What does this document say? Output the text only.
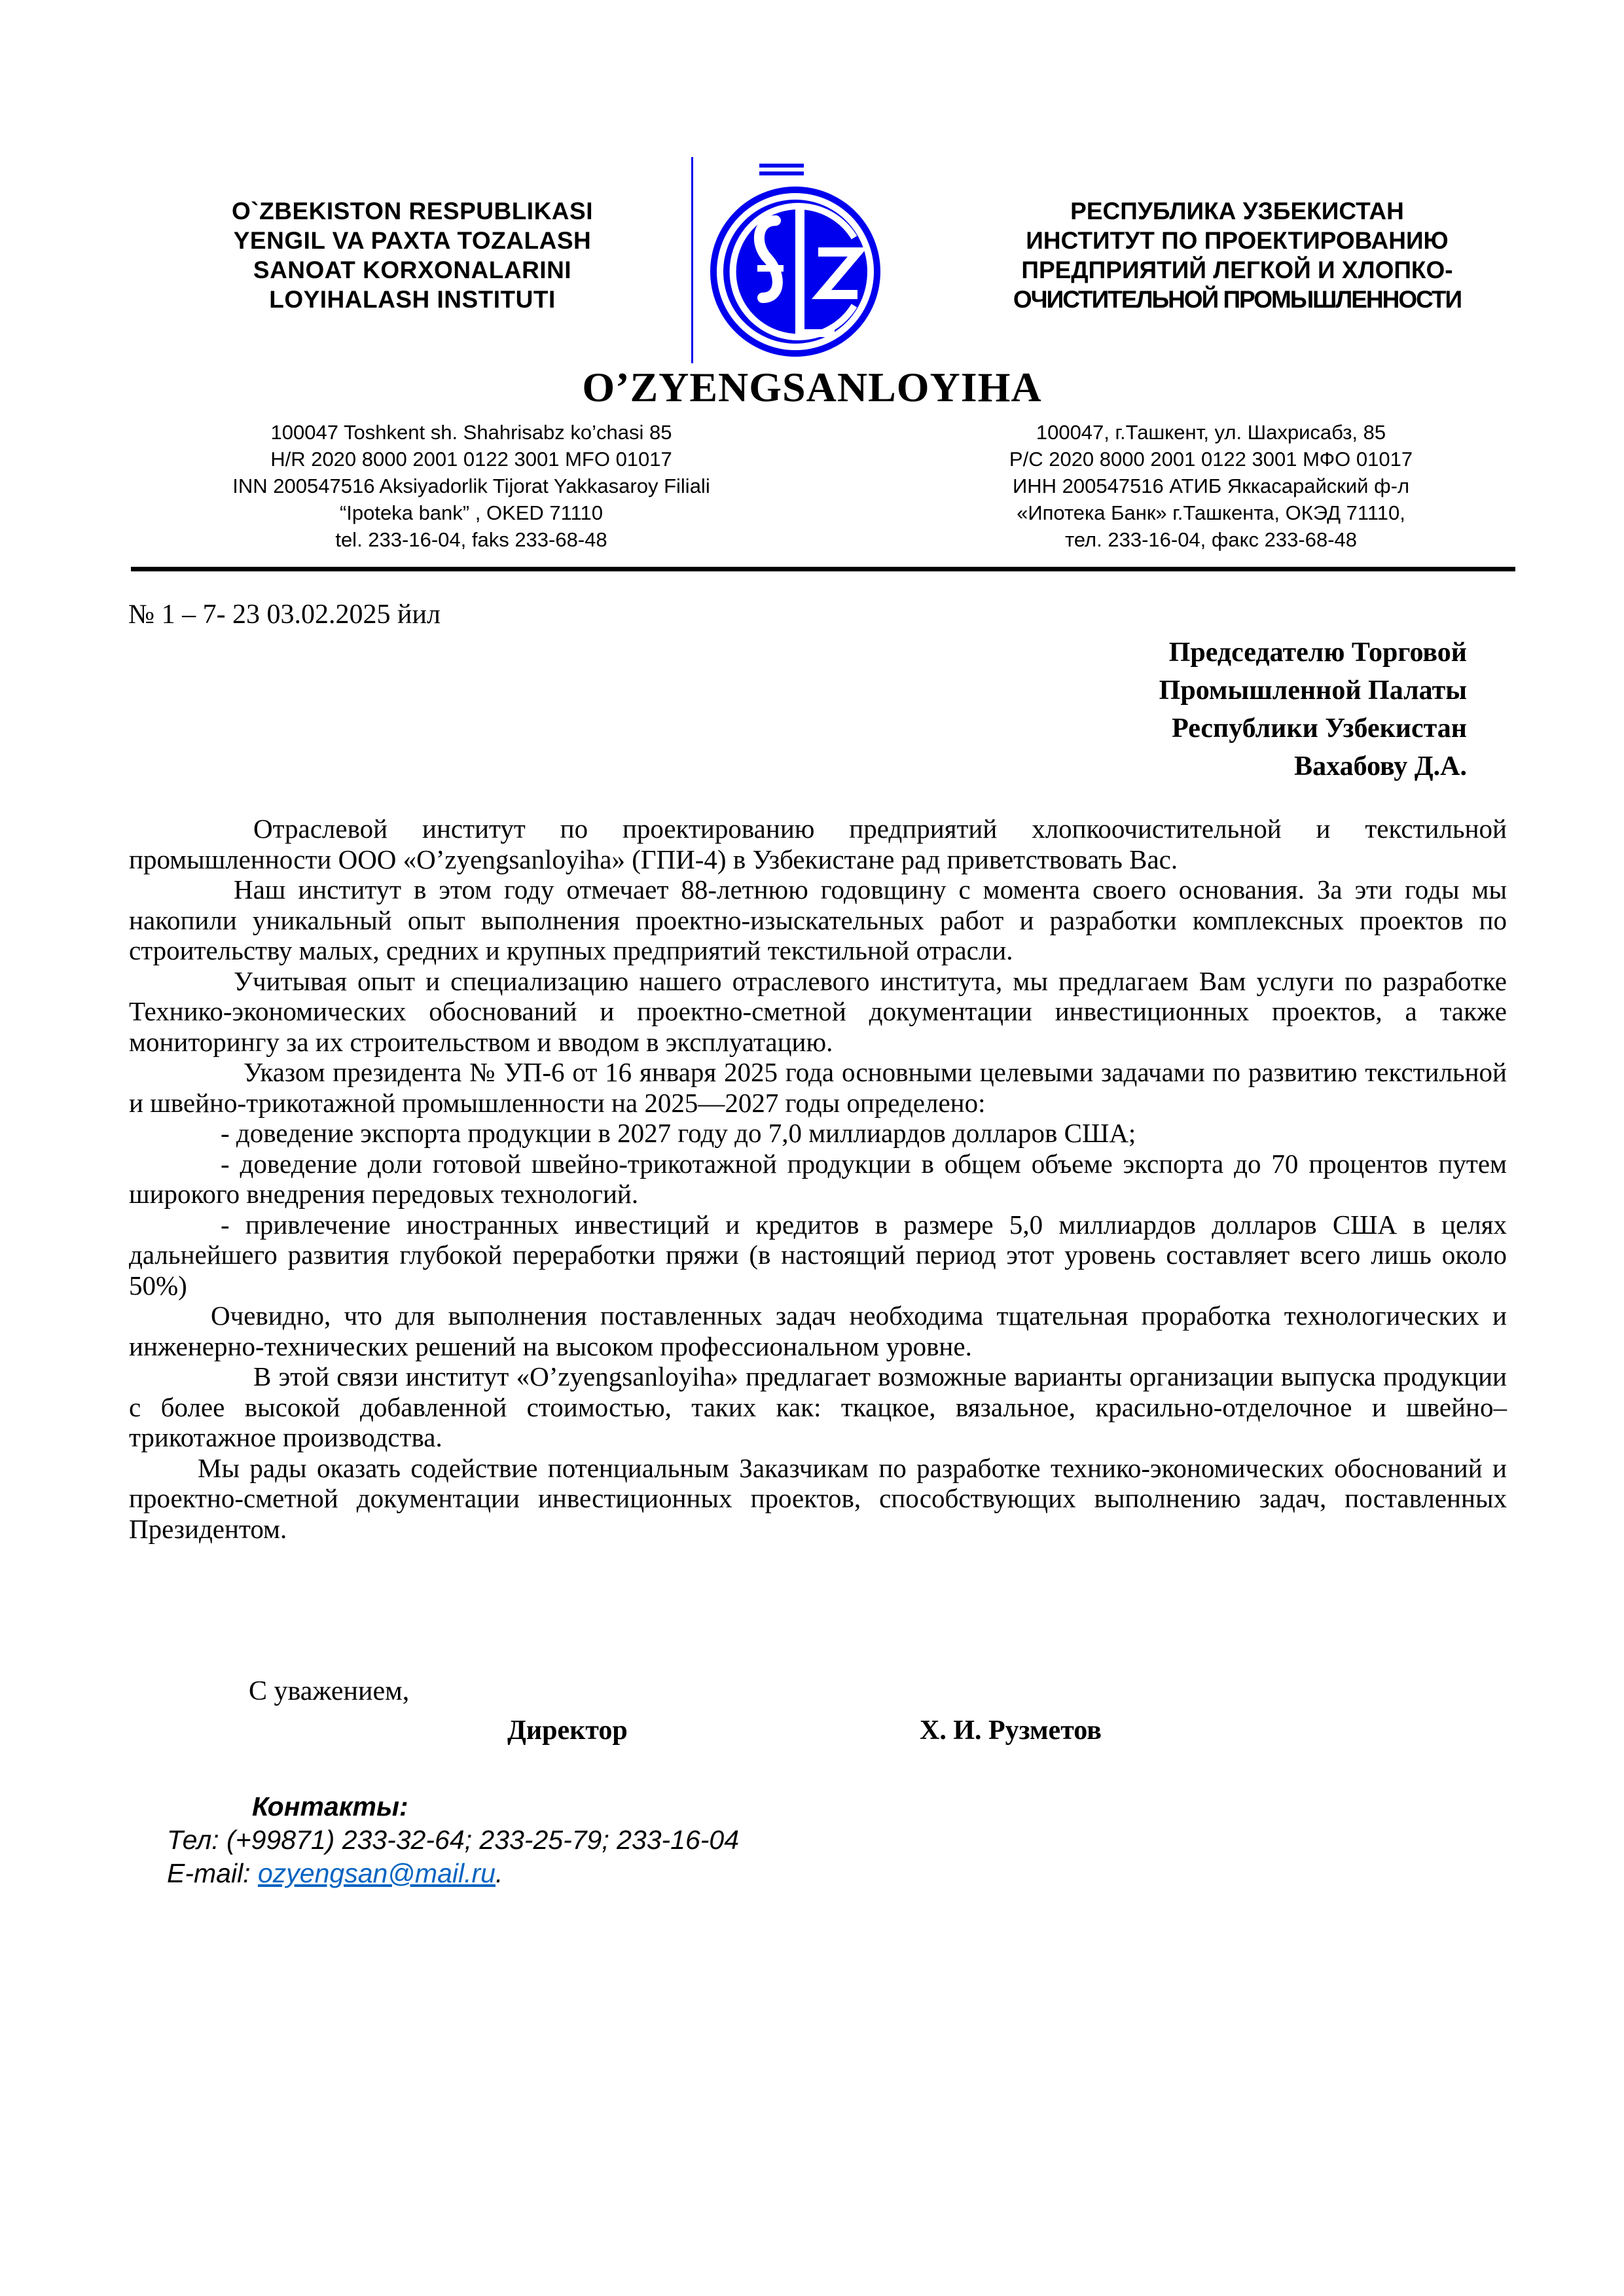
O`ZBEKISTON RESPUBLIKASI
YENGIL VA PAXTA TOZALASH
SANOAT KORXONALARINI
LOYIHALASH INSTITUTI
РЕСПУБЛИКА УЗБЕКИСТАН
ИНСТИТУТ ПО ПРОЕКТИРОВАНИЮ
ПРЕДПРИЯТИЙ ЛЕГКОЙ И ХЛОПКО-
ОЧИСТИТЕЛЬНОЙ ПРОМЫШЛЕННОСТИ
O’ZYENGSANLOYIHA
100047 Toshkent sh. Shahrisabz ko’chasi 85
H/R 2020 8000 2001 0122 3001 MFO 01017
INN 200547516 Aksiyadorlik Tijorat Yakkasaroy Filiali
“Ipoteka bank” , OKED 71110
tel. 233-16-04, faks 233-68-48
100047, г.Ташкент, ул. Шахрисабз, 85
Р/С 2020 8000 2001 0122 3001 МФО 01017
ИНН 200547516 АТИБ Яккасарайский ф-л
«Ипотека Банк» г.Ташкента, ОКЭД 71110,
тел. 233-16-04, факс 233-68-48
№ 1 – 7- 23 03.02.2025 йил
Председателю Торговой
Промышленной Палаты
Республики Узбекистан
Вахабову Д.А.

Отраслевой институт по проектированию предприятий хлопкоочистительной и текстильной промышленности ООО «O’zyengsanloyiha» (ГПИ-4) в Узбекистане рад приветствовать Вас.

Наш институт в этом году отмечает 88-летнюю годовщину с момента своего основания. За эти годы мы накопили уникальный опыт выполнения проектно-изыскательных работ и разработки комплексных проектов по строительству малых, средних и крупных предприятий текстильной отрасли.

Учитывая опыт и специализацию нашего отраслевого института, мы предлагаем Вам услуги по разработке Технико-экономических обоснований и проектно-сметной документации инвестиционных проектов, а также мониторингу за их строительством и вводом в эксплуатацию.

Указом президента № УП-6 от 16 января 2025 года основными целевыми задачами по развитию текстильной и швейно-трикотажной промышленности на 2025—2027 годы определено:

- доведение экспорта продукции в 2027 году до 7,0 миллиардов долларов США;

- доведение доли готовой швейно-трикотажной продукции в общем объеме экспорта до 70 процентов путем широкого внедрения передовых технологий.

- привлечение иностранных инвестиций и кредитов в размере 5,0 миллиардов долларов США в целях дальнейшего развития глубокой переработки пряжи (в настоящий период этот уровень составляет всего лишь около 50%)

Очевидно, что для выполнения поставленных задач необходима тщательная проработка технологических и инженерно-технических решений на высоком профессиональном уровне.

В этой связи институт «O’zyengsanloyiha» предлагает возможные варианты организации выпуска продукции с более высокой добавленной стоимостью, таких как: ткацкое, вязальное, красильно-отделочное и швейно–трикотажное производства.

Мы рады оказать содействие потенциальным Заказчикам по разработке технико-экономических обоснований и проектно-сметной документации инвестиционных проектов, способствующих выполнению задач, поставленных Президентом.

С уважением,
Директор	Х. И. Рузметов
Контакты:
Тел: (+99871) 233-32-64; 233-25-79; 233-16-04
E-mail: ozyengsan@mail.ru.
